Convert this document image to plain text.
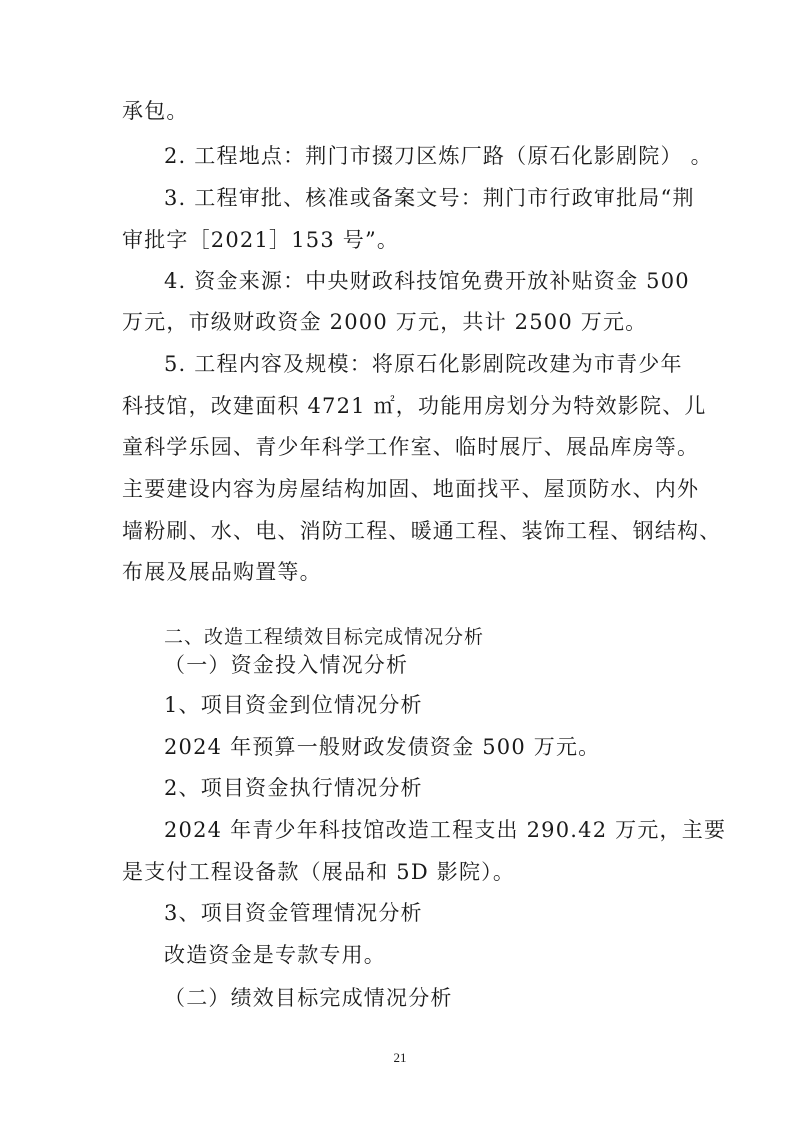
承包。
2. 工程地点：荆门市掇刀区炼厂路（原石化影剧院） 。
3. 工程审批、核准或备案文号：荆门市行政审批局“荆
审批字［2021］153 号”。
4. 资金来源：中央财政科技馆免费开放补贴资金 500
万元，市级财政资金 2000 万元，共计 2500 万元。
5. 工程内容及规模：将原石化影剧院改建为市青少年
科技馆，改建面积 4721 ㎡，功能用房划分为特效影院、儿
童科学乐园、青少年科学工作室、临时展厅、展品库房等。
主要建设内容为房屋结构加固、地面找平、屋顶防水、内外
墙粉刷、水、电、消防工程、暖通工程、装饰工程、钢结构、
布展及展品购置等。
二、改造工程绩效目标完成情况分析
（一）资金投入情况分析
1、项目资金到位情况分析
2024 年预算一般财政发债资金 500 万元。
2、项目资金执行情况分析
2024 年青少年科技馆改造工程支出 290.42 万元，主要
是支付工程设备款（展品和 5D 影院）。
3、项目资金管理情况分析
改造资金是专款专用。
（二）绩效目标完成情况分析
21
